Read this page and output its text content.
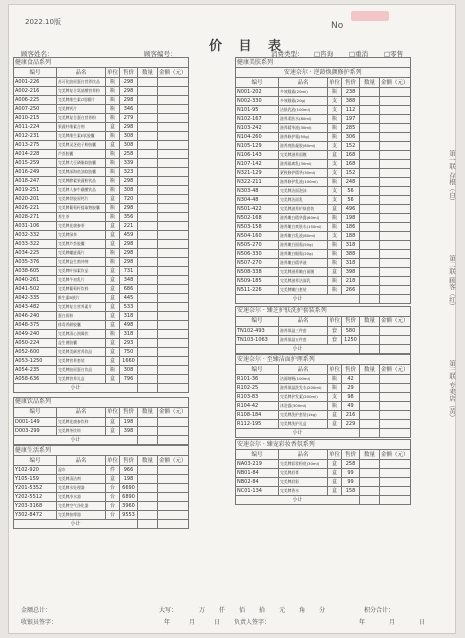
2022.10版
价 目 表
No
顾客姓名：	顾客编号：	消费类型： □咨询 □重消 □零售
健康食品系列					
编号	品名	单位	售价	数量	金额（元）
A001-226	苏可化胶原蛋白营养饮品	瓶	298		
A002-216	完美牌复合氨基酸营养粉	瓶	298		
A006-225	完美牌维生素C咀嚼片	瓶	298		
A007-250	完美牌钙片	瓶	346		
A010-215	完美牌复合蛋白营养粉	瓶	279		
A011-224	果蔬纤维素合剂	盒	298		
A012-231	完美牌维生素E软胶囊	瓶	308		
A013-275	完美牌灵芝孢子粉胶囊	盒	308		
A014-228	芦荟胶囊	瓶	258		
A015-259	完美牌大豆磷脂软胶囊	瓶	339		
A016-249	完美牌深海鱼油软胶囊	瓶	323		
A018-247	完美牌酵素果蔬粉饮品	瓶	298		
A019-251	完美牌人参牛磺酸饮品	瓶	308		
A020-201	完美牌骨胶原钙片	盒	720		
A026-221	完美牌葡萄籽提取物胶囊	瓶	298		
A028-271	养生茶	瓶	356		
A031-106	完美牌花旗参茶	盒	221		
A032-332	完美牌绿茶	盒	459		
A033-322	完美牌芦荟胶囊	盒	298		
A034-225	完美牌螺旋藻片	瓶	298		
A035-376	完美牌益生菌冲剂	瓶	298		
A038-605	完美牌叶绿素饮品	盒	731		
A040-261	完美牌牛初乳片	盒	348		
A041-502	完美牌葡萄籽饮料	盒	686		
A042-335	维生素B族片	盒	445		
A043-482	完美牌复合营养素片	盒	533		
A046-240	蛋白质粉	盒	318		
A048-375	排毒养颜胶囊	盒	498		
A049-240	完美牌清心润燥饮	瓶	318		
A050-224	益生菌胶囊	盒	293		
A052-600	完美牌美颜营养饮品	盒	750		
A053-1250	完美牌营养套装	盒	1660		
A054-235	完美牌胶原蛋白饮品	瓶	308		
A058-636	完美牌营养礼盒	盒	796		
小计					
健康饮品系列					
编号	品名	单位	售价	数量	金额（元）
D001-149	完美牌花旗参饮料	盒	198		
D003-299	完美牌茶饮料	盒	398		
小计					
健康生活系列					
编号	品名	单位	售价	数量	金额（元）
Y102-920	湿巾	件	966		
Y105-159	完美牌清洁剂	盒	198		
Y201-5352	完美牌水处理器	台	6690		
Y202-5512	完美牌净水器	台	6890		
Y203-3168	完美牌空气净化器	台	3960		
Y302-8472	完美牌按摩器	台	9553		
小计					
健康美肤系列					
安速奈尔 · 逆龄焕颜修护系列					
编号	品名	单位	售价	数量	金额（元）
N001-202	多效眼霜(20ml)	瓶	238		
N002-330	多效眼霜(20g)	支	388		
N101-95	洁肤乳液(100ml)	支	112		
N102-167	滋养柔肤水(80ml)	瓶	197		
N103-242	滋养精华液(30ml)	瓶	285		
N104-260	滋养修护霜(50g)	瓶	306		
N105-129	滋养爽肤凝胶(80ml)	支	152		
N106-143	完美牌滋养面膜	盒	168		
N107-142	滋养隔离乳(30ml)	支	168		
N321-129	紧致修护精华(30ml)	支	152		
N322-211	滋养修护乳液(100ml)	瓶	248		
N303-48	完美牌洁面泡沫	支	56		
N304-48	完美牌洁面乳	支	56		
N501-422	完美牌滋养护肤套装	盒	496		
N502-168	滋养嫩白精华露(60ml)	瓶	198		
N503-158	滋养嫩白爽肤水(150ml)	瓶	186		
N504-160	滋养嫩白乳液(80ml)	支	188		
N505-270	滋养嫩白面霜(50g)	瓶	318		
N506-330	滋养嫩白眼霜(20g)	瓶	388		
N507-270	滋养嫩白精华液	瓶	318		
N508-338	完美牌滋养嫩白面膜	盒	398		
N509-185	完美牌滋养洁面乳	瓶	218		
N511-226	完美牌嫩白套装	瓶	266		
小计					
安速奈尔 · 臻芝护肤洗护套装系列					
编号	品名	单位	售价	数量	金额（元）
TN102-493	滋养保湿三件套	套	580		
TN103-1063	滋养保湿五件套	套	1250		
小计					
安速奈尔 · 至臻洁面护理系列					
编号	品名	单位	售价	数量	金额（元）
R101-36	洁面啫喱(100ml)	瓶	42		
R102-25	滋养保湿洗发水(200ml)	瓶	29		
R103-83	完美牌护发素(200ml)	支	98		
R104-42	沐浴露(300ml)	瓶	49		
R108-184	完美牌洗护套装(1kg)	盒	216		
R112-195	完美牌洗护礼盒	盒	229		
小计					
安速奈尔 · 臻宠彩妆香氛系列					
编号	品名	单位	售价	数量	金额（元）
NA03-219	完美牌彩妆粉底(30ml)	盒	258		
NB01-84	完美牌唇膏	盒	99		
NB02-84	完美牌唇彩	盒	99		
NC01-134	完美牌香水	盒	158		
小计					
金额总计：	大写：	万 仟 佰 拾 元 角 分	积分合计：
收银员签字：	年	月	日 负责人签字：	年	月	日
第一联 存根（白）
第二联 顾客（红）
第三联 专卖店（黄）
